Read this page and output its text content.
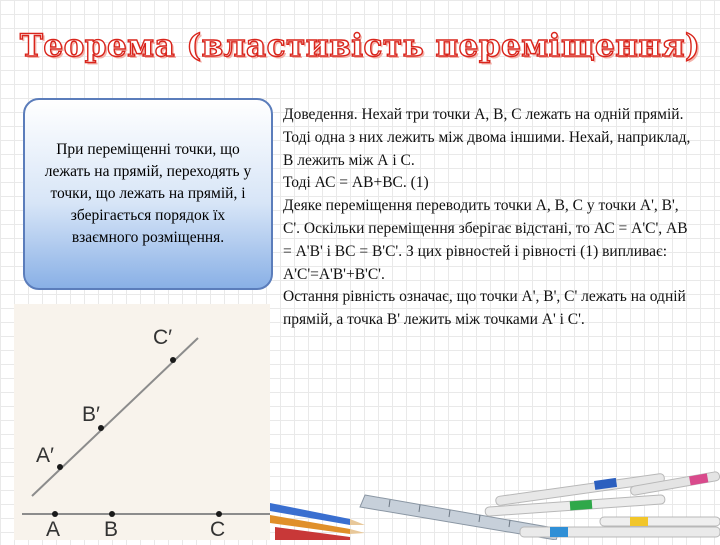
Теорема (властивість переміщення)
При переміщенні точки, що лежать на прямій, переходять у точки, що лежать на прямій, і зберігається порядок їх взаємного розміщення.

Доведення. Нехай три точки А, В, С лежать на одній прямій.

Тоді одна з них лежить між двома іншими. Нехай, наприклад, В лежить між А і С.

Тоді АС = АВ+ВС. (1)

Деяке переміщення переводить точки А, В, С у точки А', В', С'. Оскільки переміщення зберігає відстані, то АС = А'С', АВ = А'В' і ВС = В'С'. З цих рівностей і рівності (1) випливає: А'С'=А'В'+В'С'.

Остання рівність означає, що точки А', В', С' лежать на одній прямій, а точка В' лежить між точками А' і С'.

A′
B′
C′
A B	C
